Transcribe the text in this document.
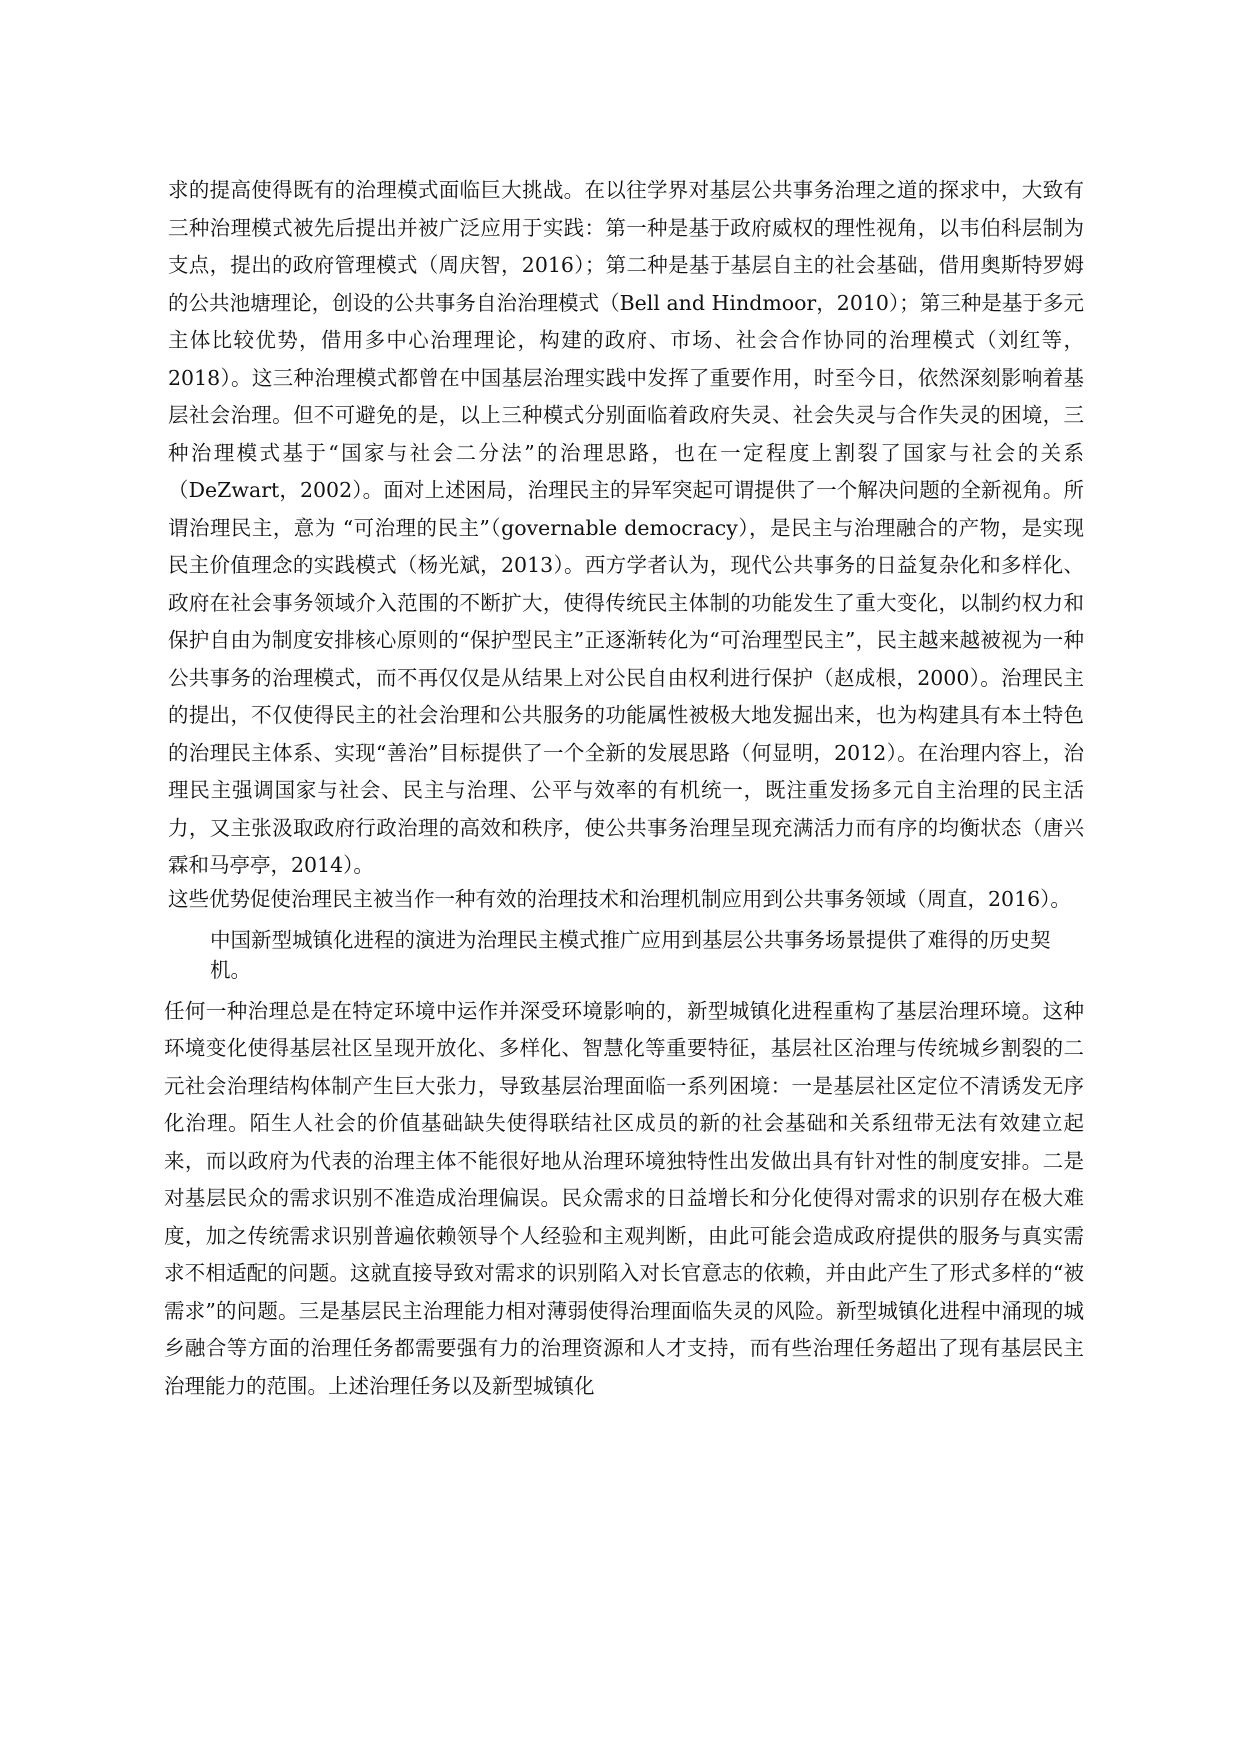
求的提高使得既有的治理模式面临巨大挑战。在以往学界对基层公共事务治理之道的探求中，大致有三种治理模式被先后提出并被广泛应用于实践：第一种是基于政府威权的理性视角，以韦伯科层制为支点，提出的政府管理模式（周庆智，2016）；第二种是基于基层自主的社会基础，借用奥斯特罗姆的公共池塘理论，创设的公共事务自治治理模式（Bell and Hindmoor，2010）；第三种是基于多元主体比较优势，借用多中心治理理论，构建的政府、市场、社会合作协同的治理模式（刘红等，2018）。这三种治理模式都曾在中国基层治理实践中发挥了重要作用，时至今日，依然深刻影响着基层社会治理。但不可避免的是，以上三种模式分别面临着政府失灵、社会失灵与合作失灵的困境，三种治理模式基于“国家与社会二分法”的治理思路，也在一定程度上割裂了国家与社会的关系（DeZwart，2002）。面对上述困局，治理民主的异军突起可谓提供了一个解决问题的全新视角。所谓治理民主，意为 “可治理的民主”（governable democracy），是民主与治理融合的产物，是实现民主价值理念的实践模式（杨光斌，2013）。西方学者认为，现代公共事务的日益复杂化和多样化、政府在社会事务领域介入范围的不断扩大，使得传统民主体制的功能发生了重大变化，以制约权力和保护自由为制度安排核心原则的“保护型民主”正逐渐转化为“可治理型民主”，民主越来越被视为一种公共事务的治理模式，而不再仅仅是从结果上对公民自由权利进行保护（赵成根，2000）。治理民主的提出，不仅使得民主的社会治理和公共服务的功能属性被极大地发掘出来，也为构建具有本土特色的治理民主体系、实现“善治”目标提供了一个全新的发展思路（何显明，2012）。在治理内容上，治理民主强调国家与社会、民主与治理、公平与效率的有机统一，既注重发扬多元自主治理的民主活力，又主张汲取政府行政治理的高效和秩序，使公共事务治理呈现充满活力而有序的均衡状态（唐兴霖和马亭亭，2014）。

这些优势促使治理民主被当作一种有效的治理技术和治理机制应用到公共事务领域（周直，2016）。

中国新型城镇化进程的演进为治理民主模式推广应用到基层公共事务场景提供了难得的历史契机。

任何一种治理总是在特定环境中运作并深受环境影响的，新型城镇化进程重构了基层治理环境。这种环境变化使得基层社区呈现开放化、多样化、智慧化等重要特征，基层社区治理与传统城乡割裂的二元社会治理结构体制产生巨大张力，导致基层治理面临一系列困境：一是基层社区定位不清诱发无序化治理。陌生人社会的价值基础缺失使得联结社区成员的新的社会基础和关系纽带无法有效建立起来，而以政府为代表的治理主体不能很好地从治理环境独特性出发做出具有针对性的制度安排。二是对基层民众的需求识别不准造成治理偏误。民众需求的日益增长和分化使得对需求的识别存在极大难度，加之传统需求识别普遍依赖领导个人经验和主观判断，由此可能会造成政府提供的服务与真实需求不相适配的问题。这就直接导致对需求的识别陷入对长官意志的依赖，并由此产生了形式多样的“被需求”的问题。三是基层民主治理能力相对薄弱使得治理面临失灵的风险。新型城镇化进程中涌现的城乡融合等方面的治理任务都需要强有力的治理资源和人才支持，而有些治理任务超出了现有基层民主治理能力的范围。上述治理任务以及新型城镇化
